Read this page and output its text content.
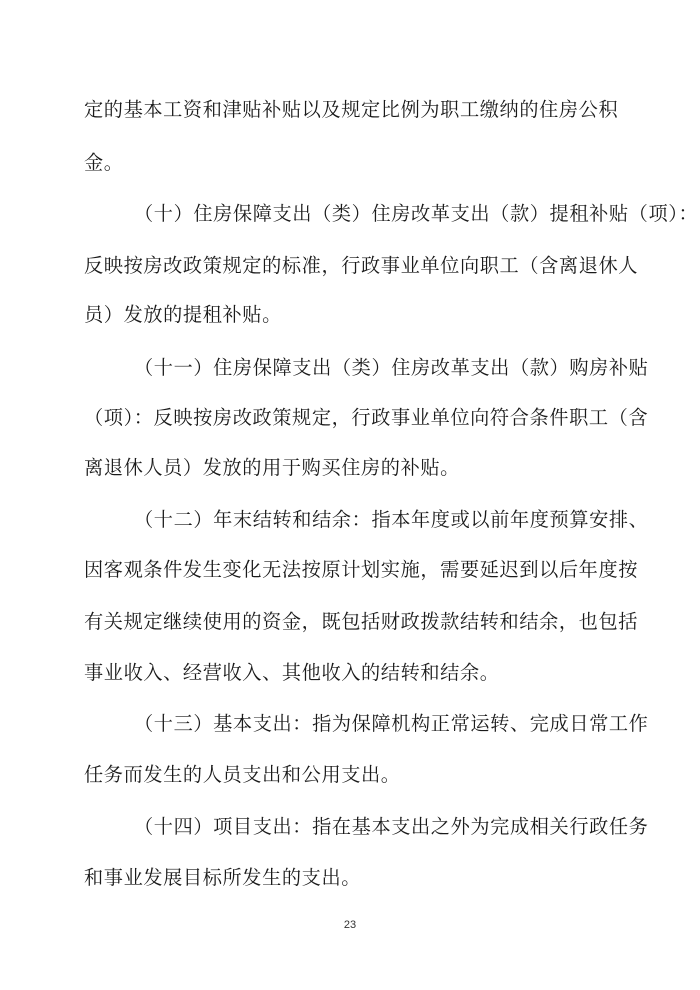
定的基本工资和津贴补贴以及规定比例为职工缴纳的住房公积
金。
（十）住房保障支出（类）住房改革支出（款）提租补贴（项）：
反映按房改政策规定的标准，行政事业单位向职工（含离退休人
员）发放的提租补贴。
（十一）住房保障支出（类）住房改革支出（款）购房补贴
（项）：反映按房改政策规定，行政事业单位向符合条件职工（含
离退休人员）发放的用于购买住房的补贴。
（十二）年末结转和结余：指本年度或以前年度预算安排、
因客观条件发生变化无法按原计划实施，需要延迟到以后年度按
有关规定继续使用的资金，既包括财政拨款结转和结余，也包括
事业收入、经营收入、其他收入的结转和结余。
（十三）基本支出：指为保障机构正常运转、完成日常工作
任务而发生的人员支出和公用支出。
（十四）项目支出：指在基本支出之外为完成相关行政任务
和事业发展目标所发生的支出。
23
